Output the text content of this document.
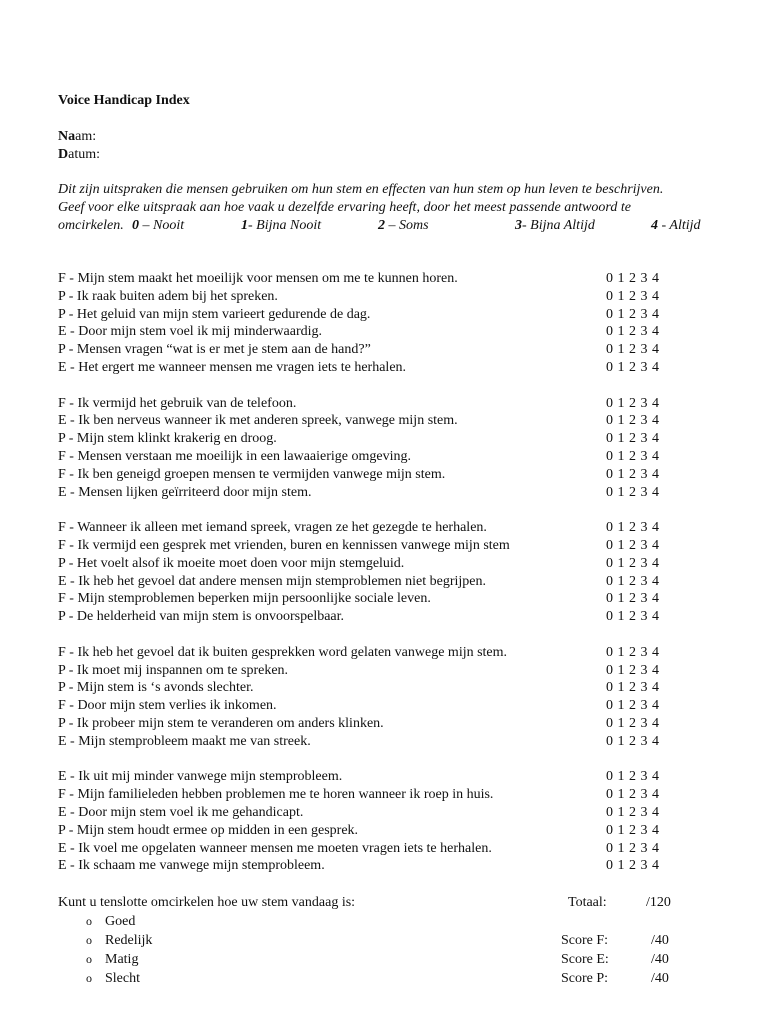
Voice Handicap Index
Naam:
Datum:
Dit zijn uitspraken die mensen gebruiken om hun stem en effecten van hun stem op hun leven te beschrijven.
Geef voor elke uitspraak aan hoe vaak u dezelfde ervaring heeft, door het meest passende antwoord te
omcirkelen. 0 – Nooit	1- Bijna Nooit	2 – Soms	3- Bijna Altijd	4 - Altijd
F - Mijn stem maakt het moeilijk voor mensen om me te kunnen horen.	0 1 2 3 4
P - Ik raak buiten adem bij het spreken.	0 1 2 3 4
P - Het geluid van mijn stem varieert gedurende de dag.	0 1 2 3 4
E - Door mijn stem voel ik mij minderwaardig.	0 1 2 3 4
P - Mensen vragen “wat is er met je stem aan de hand?”	0 1 2 3 4
E - Het ergert me wanneer mensen me vragen iets te herhalen.	0 1 2 3 4
F - Ik vermijd het gebruik van de telefoon.	0 1 2 3 4
E - Ik ben nerveus wanneer ik met anderen spreek, vanwege mijn stem.	0 1 2 3 4
P - Mijn stem klinkt krakerig en droog.	0 1 2 3 4
F - Mensen verstaan me moeilijk in een lawaaierige omgeving.	0 1 2 3 4
F - Ik ben geneigd groepen mensen te vermijden vanwege mijn stem.	0 1 2 3 4
E - Mensen lijken geïrriteerd door mijn stem.	0 1 2 3 4
F - Wanneer ik alleen met iemand spreek, vragen ze het gezegde te herhalen.	0 1 2 3 4
F - Ik vermijd een gesprek met vrienden, buren en kennissen vanwege mijn stem	0 1 2 3 4
P - Het voelt alsof ik moeite moet doen voor mijn stemgeluid.	0 1 2 3 4
E - Ik heb het gevoel dat andere mensen mijn stemproblemen niet begrijpen.	0 1 2 3 4
F - Mijn stemproblemen beperken mijn persoonlijke sociale leven.	0 1 2 3 4
P - De helderheid van mijn stem is onvoorspelbaar.	0 1 2 3 4
F - Ik heb het gevoel dat ik buiten gesprekken word gelaten vanwege mijn stem.	0 1 2 3 4
P - Ik moet mij inspannen om te spreken.	0 1 2 3 4
P - Mijn stem is ‘s avonds slechter.	0 1 2 3 4
F - Door mijn stem verlies ik inkomen.	0 1 2 3 4
P - Ik probeer mijn stem te veranderen om anders klinken.	0 1 2 3 4
E - Mijn stemprobleem maakt me van streek.	0 1 2 3 4
E - Ik uit mij minder vanwege mijn stemprobleem.	0 1 2 3 4
F - Mijn familieleden hebben problemen me te horen wanneer ik roep in huis.	0 1 2 3 4
E - Door mijn stem voel ik me gehandicapt.	0 1 2 3 4
P - Mijn stem houdt ermee op midden in een gesprek.	0 1 2 3 4
E - Ik voel me opgelaten wanneer mensen me moeten vragen iets te herhalen.	0 1 2 3 4
E - Ik schaam me vanwege mijn stemprobleem.	0 1 2 3 4
Kunt u tenslotte omcirkelen hoe uw stem vandaag is:	Totaal:	/120
o Goed
o Redelijk	Score F:	/40
o Matig	Score E:	/40
o Slecht	Score P:	/40
